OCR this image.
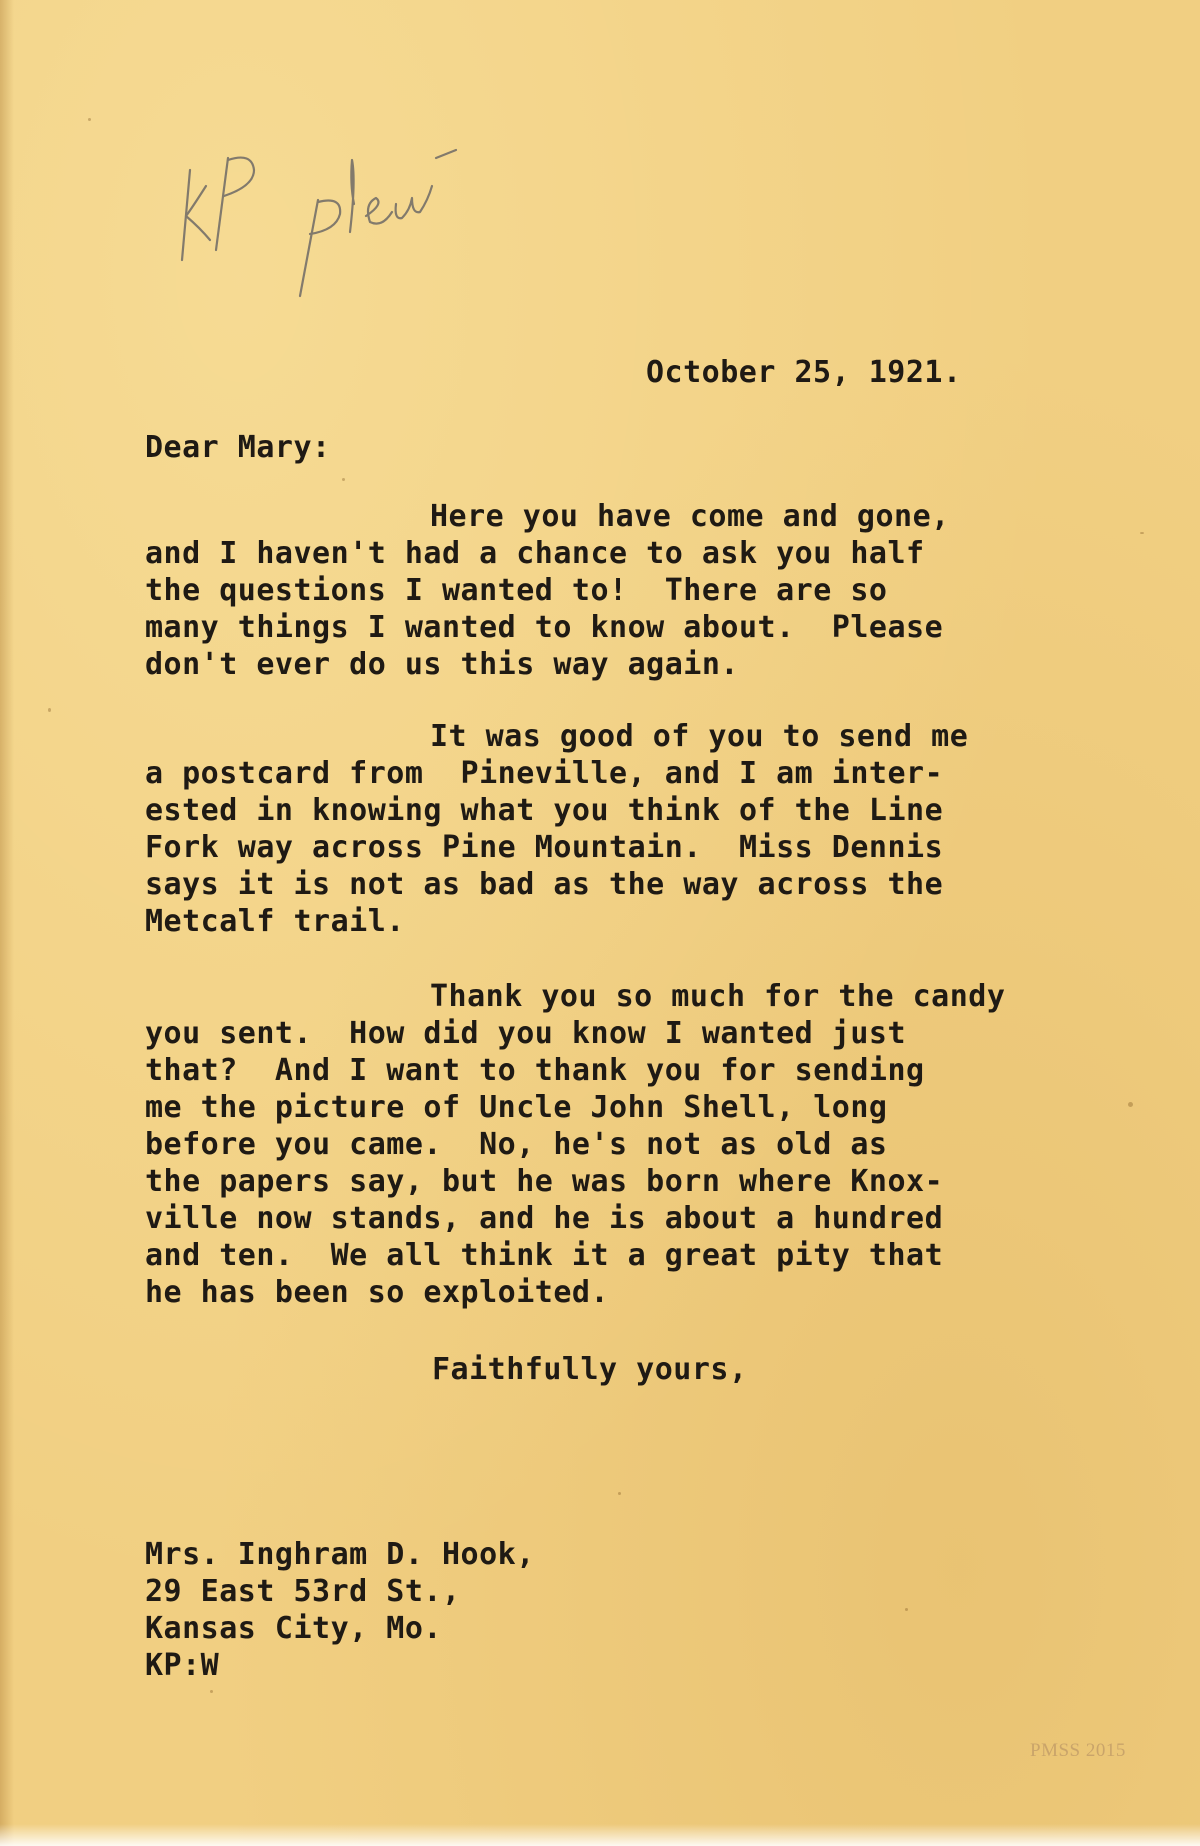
October 25, 1921.
Dear Mary:
Here you have come and gone,
and I haven't had a chance to ask you half
the questions I wanted to!  There are so
many things I wanted to know about.  Please
don't ever do us this way again.
It was good of you to send me
a postcard from  Pineville, and I am inter-
ested in knowing what you think of the Line
Fork way across Pine Mountain.  Miss Dennis
says it is not as bad as the way across the
Metcalf trail.
Thank you so much for the candy
you sent.  How did you know I wanted just
that?  And I want to thank you for sending
me the picture of Uncle John Shell, long
before you came.  No, he's not as old as
the papers say, but he was born where Knox-
ville now stands, and he is about a hundred
and ten.  We all think it a great pity that
he has been so exploited.
Faithfully yours,
Mrs. Inghram D. Hook,
29 East 53rd St.,
Kansas City, Mo.
KP:W
PMSS 2015
